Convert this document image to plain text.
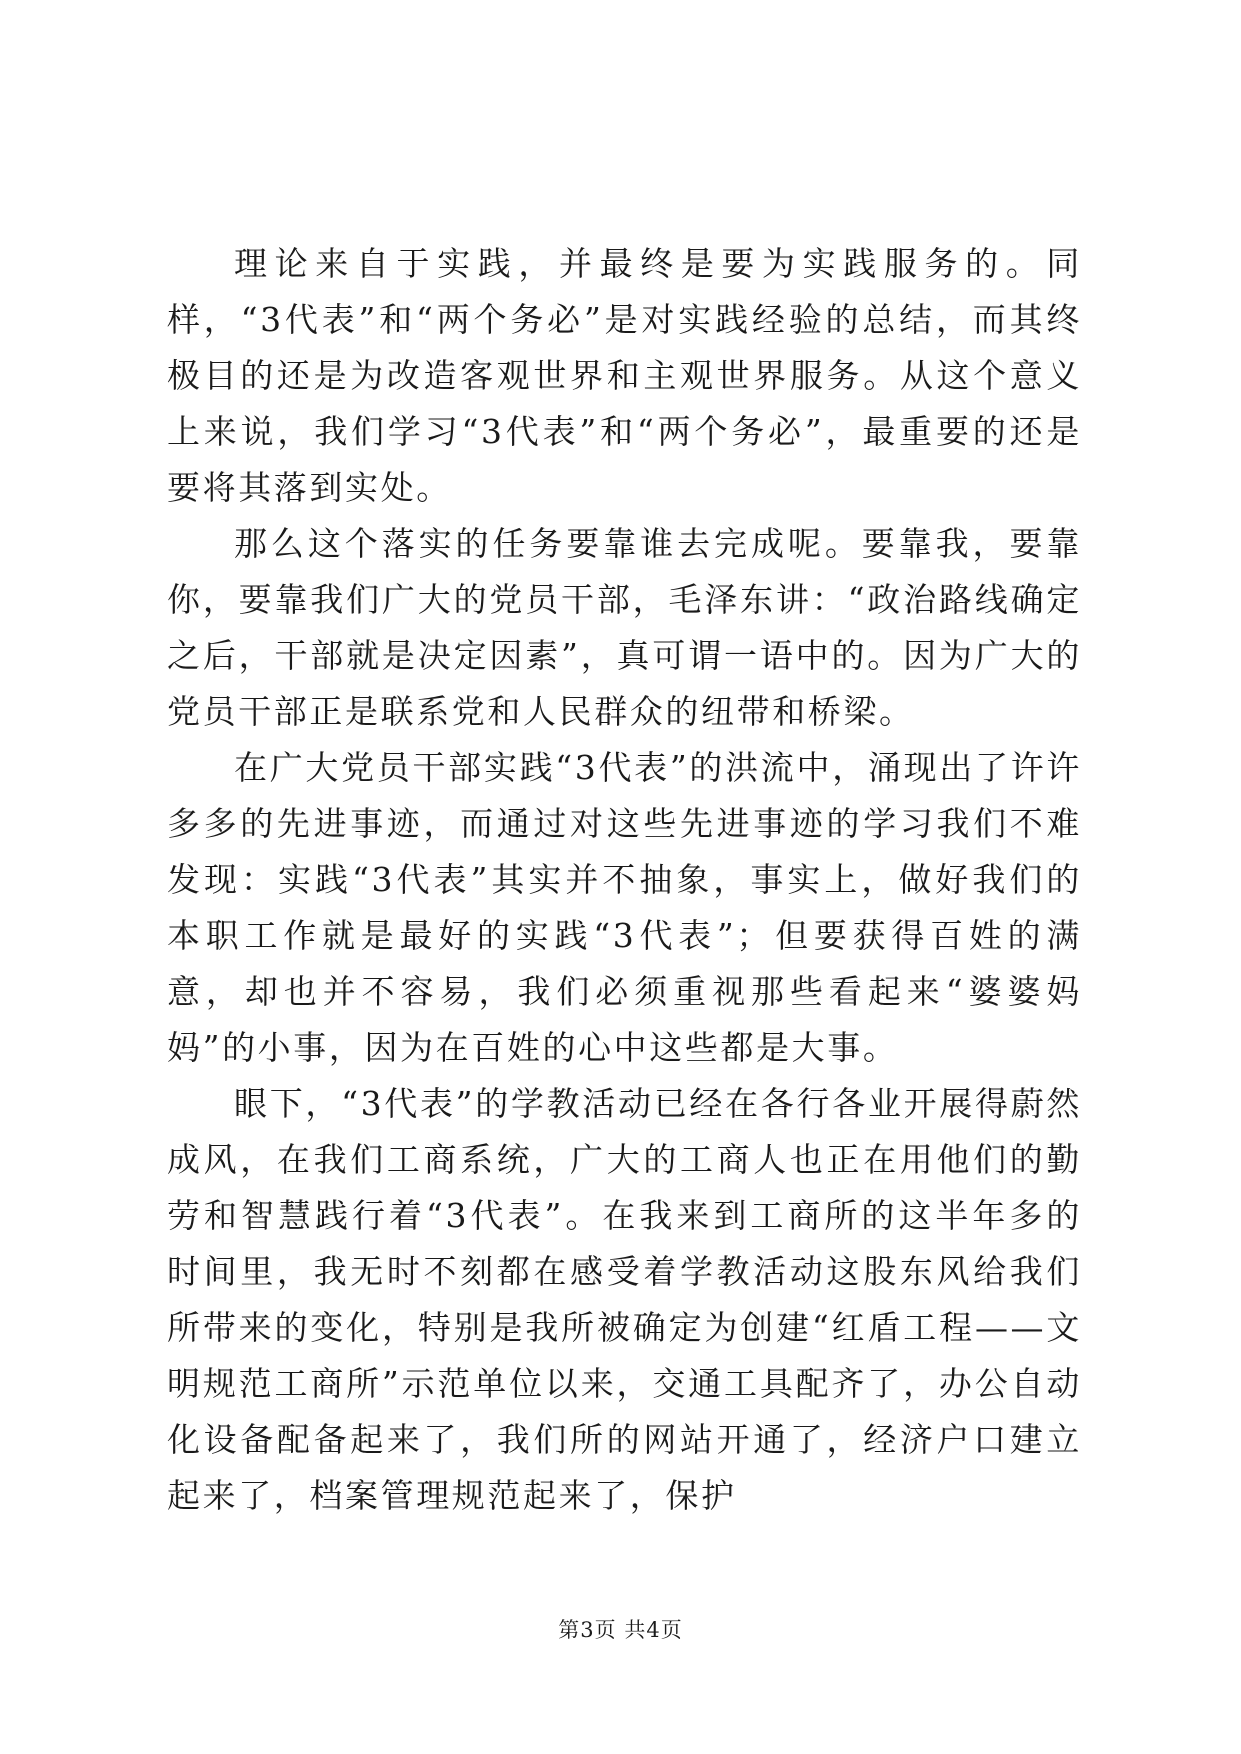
理论来自于实践，并最终是要为实践服务的。同样，“3代表”和“两个务必”是对实践经验的总结，而其终极目的还是为改造客观世界和主观世界服务。从这个意义上来说，我们学习“3代表”和“两个务必”，最重要的还是要将其落到实处。

那么这个落实的任务要靠谁去完成呢。要靠我，要靠你，要靠我们广大的党员干部，毛泽东讲：“政治路线确定之后，干部就是决定因素”，真可谓一语中的。因为广大的党员干部正是联系党和人民群众的纽带和桥梁。

在广大党员干部实践“3代表”的洪流中，涌现出了许许多多的先进事迹，而通过对这些先进事迹的学习我们不难发现：实践“3代表”其实并不抽象，事实上，做好我们的本职工作就是最好的实践“3代表”；但要获得百姓的满意，却也并不容易，我们必须重视那些看起来“婆婆妈妈”的小事，因为在百姓的心中这些都是大事。

眼下，“3代表”的学教活动已经在各行各业开展得蔚然成风，在我们工商系统，广大的工商人也正在用他们的勤劳和智慧践行着“3代表”。在我来到工商所的这半年多的时间里，我无时不刻都在感受着学教活动这股东风给我们所带来的变化，特别是我所被确定为创建“红盾工程——文明规范工商所”示范单位以来，交通工具配齐了，办公自动化设备配备起来了，我们所的网站开通了，经济户口建立起来了，档案管理规范起来了，保护

第3页 共4页
